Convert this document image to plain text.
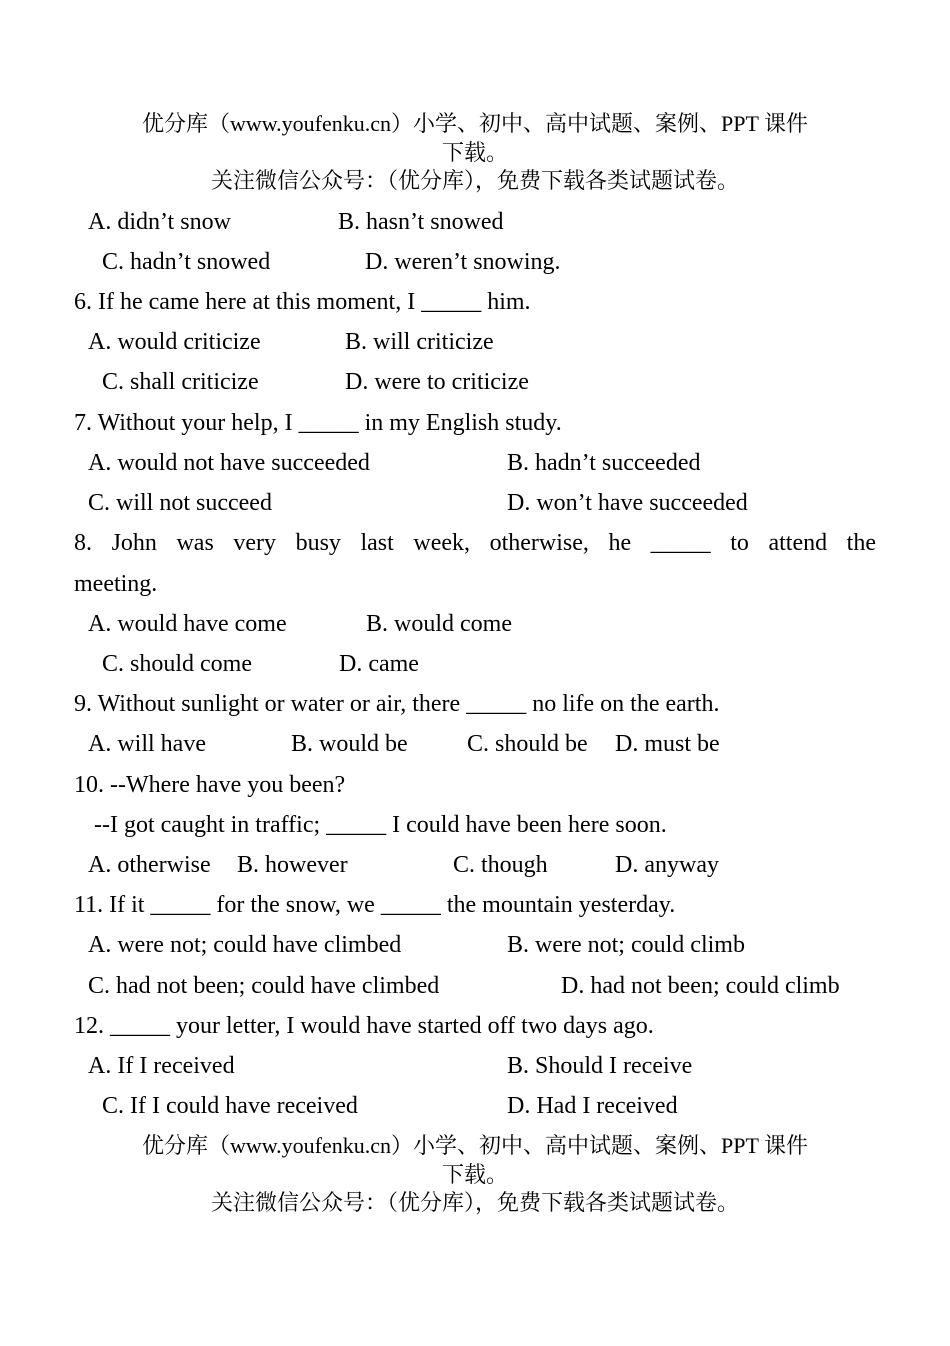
优分库（www.youfenku.cn）小学、初中、高中试题、案例、PPT 课件
下载。
关注微信公众号：（优分库），免费下载各类试题试卷。
A. didn’t snow	B. hasn’t snowed
C. hadn’t snowed	D. weren’t snowing.
6. If he came here at this moment, I _____ him.
A. would criticize	B. will criticize
C. shall criticize	D. were to criticize
7. Without your help, I _____ in my English study.
A. would not have succeeded	B. hadn’t succeeded
C. will not succeed	D. won’t have succeeded
8. John was very busy last week, otherwise, he _____ to attend the
meeting.
A. would have come	B. would come
C. should come	D. came
9. Without sunlight or water or air, there _____ no life on the earth.
A. will have	B. would be C. should be D. must be
10. --Where have you been?
--I got caught in traffic; _____ I could have been here soon.
A. otherwise B. however	C. though	D. anyway
11. If it _____ for the snow, we _____ the mountain yesterday.
A. were not; could have climbed	B. were not; could climb
C. had not been; could have climbed	D. had not been; could climb
12. _____ your letter, I would have started off two days ago.
A. If I received	B. Should I receive
C. If I could have received	D. Had I received
优分库（www.youfenku.cn）小学、初中、高中试题、案例、PPT 课件
下载。
关注微信公众号：（优分库），免费下载各类试题试卷。
